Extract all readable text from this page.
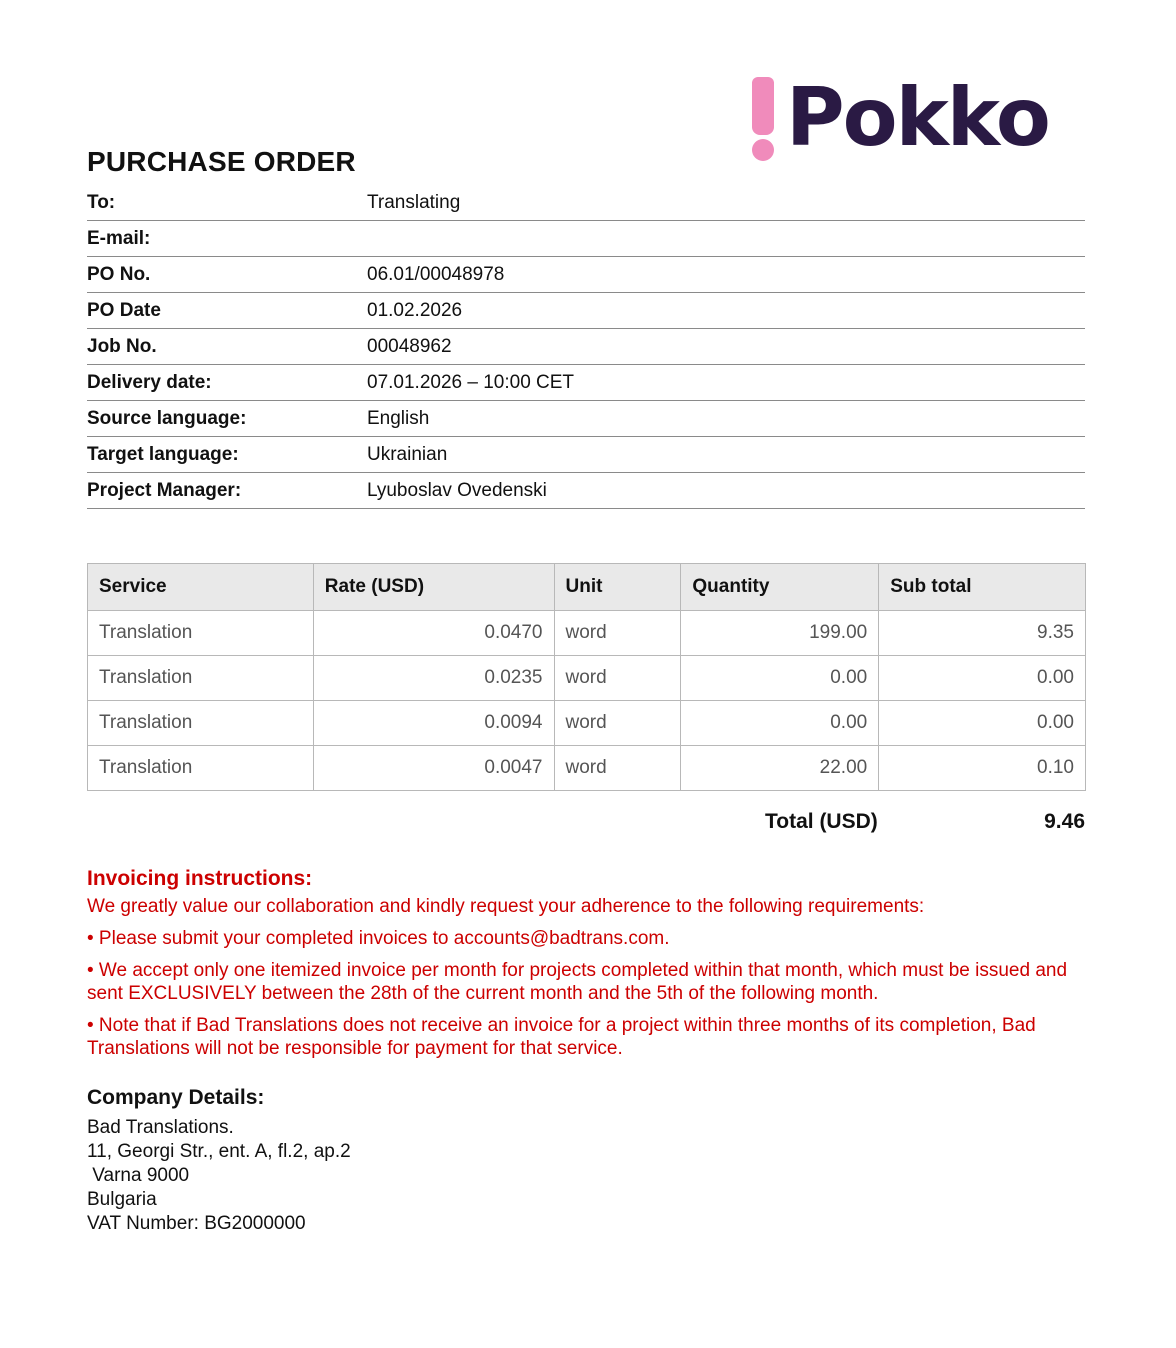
Pokko
PURCHASE ORDER
To:	Translating
E-mail:
PO No.	06.01/00048978
PO Date	01.02.2026
Job No.	00048962
Delivery date:	07.01.2026 – 10:00 CET
Source language:	English
Target language:	Ukrainian
Project Manager:	Lyuboslav Ovedenski
Service	Rate (USD)	Unit	Quantity	Sub total
Translation	0.0470	word	199.00	9.35
Translation	0.0235	word	0.00	0.00
Translation	0.0094	word	0.00	0.00
Translation	0.0047	word	22.00	0.10
Total (USD)	9.46
Invoicing instructions:

We greatly value our collaboration and kindly request your adherence to the following requirements:

• Please submit your completed invoices to accounts@badtrans.com.

• We accept only one itemized invoice per month for projects completed within that month, which must be issued and sent EXCLUSIVELY between the 28th of the current month and the 5th of the following month.

• Note that if Bad Translations does not receive an invoice for a project within three months of its completion, Bad Translations will not be responsible for payment for that service.

Company Details:
Bad Translations.
11, Georgi Str., ent. A, fl.2, ap.2
Varna 9000
Bulgaria
VAT Number: BG2000000
